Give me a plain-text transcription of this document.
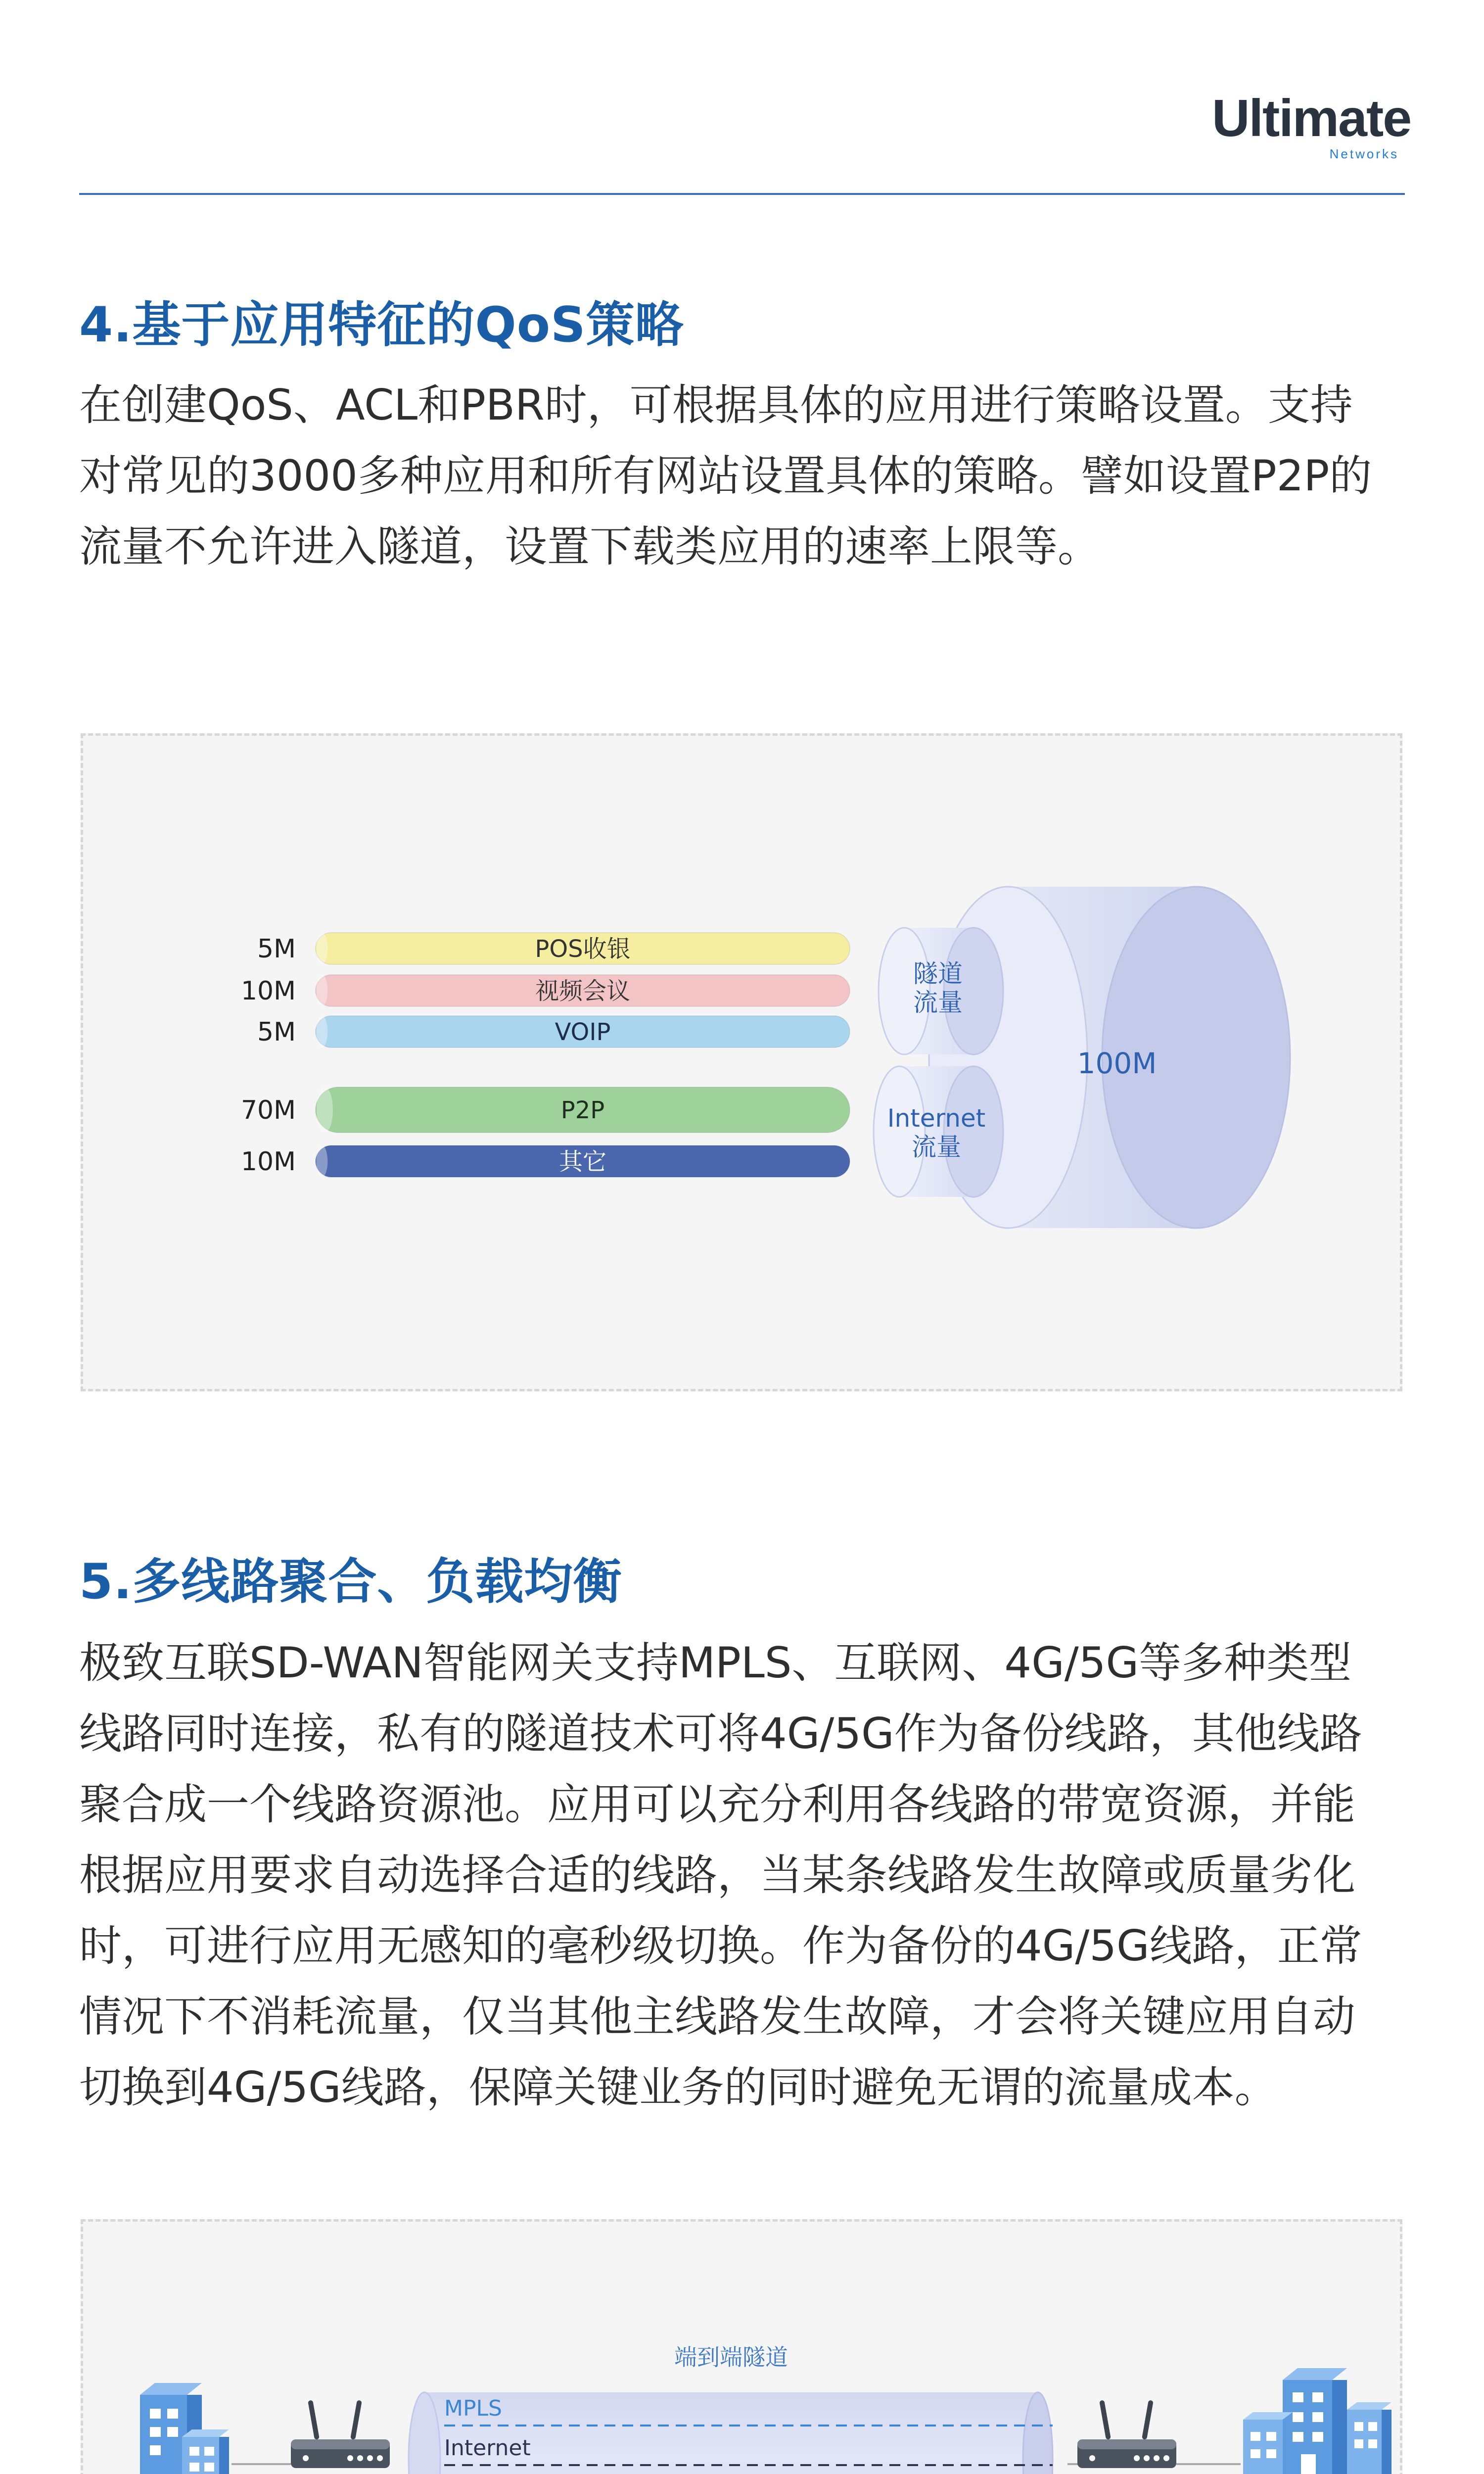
Ultimate
Networks
4.基于应用特征的QoS策略
在创建QoS、ACL和PBR时，可根据具体的应用进行策略设置。支持
对常见的3000多种应用和所有网站设置具体的策略。譬如设置P2P的
流量不允许进入隧道，设置下载类应用的速率上限等。
100M
隧道
流量
Internet
流量
POS收银
5M
视频会议
10M
VOIP
5M
P2P
70M
其它
10M
5.多线路聚合、负载均衡
极致互联SD-WAN智能网关支持MPLS、互联网、4G/5G等多种类型
线路同时连接，私有的隧道技术可将4G/5G作为备份线路，其他线路
聚合成一个线路资源池。应用可以充分利用各线路的带宽资源，并能
根据应用要求自动选择合适的线路，当某条线路发生故障或质量劣化
时，可进行应用无感知的毫秒级切换。作为备份的4G/5G线路，正常
情况下不消耗流量，仅当其他主线路发生故障，才会将关键应用自动
切换到4G/5G线路，保障关键业务的同时避免无谓的流量成本。
端到端隧道
MPLS
Internet
